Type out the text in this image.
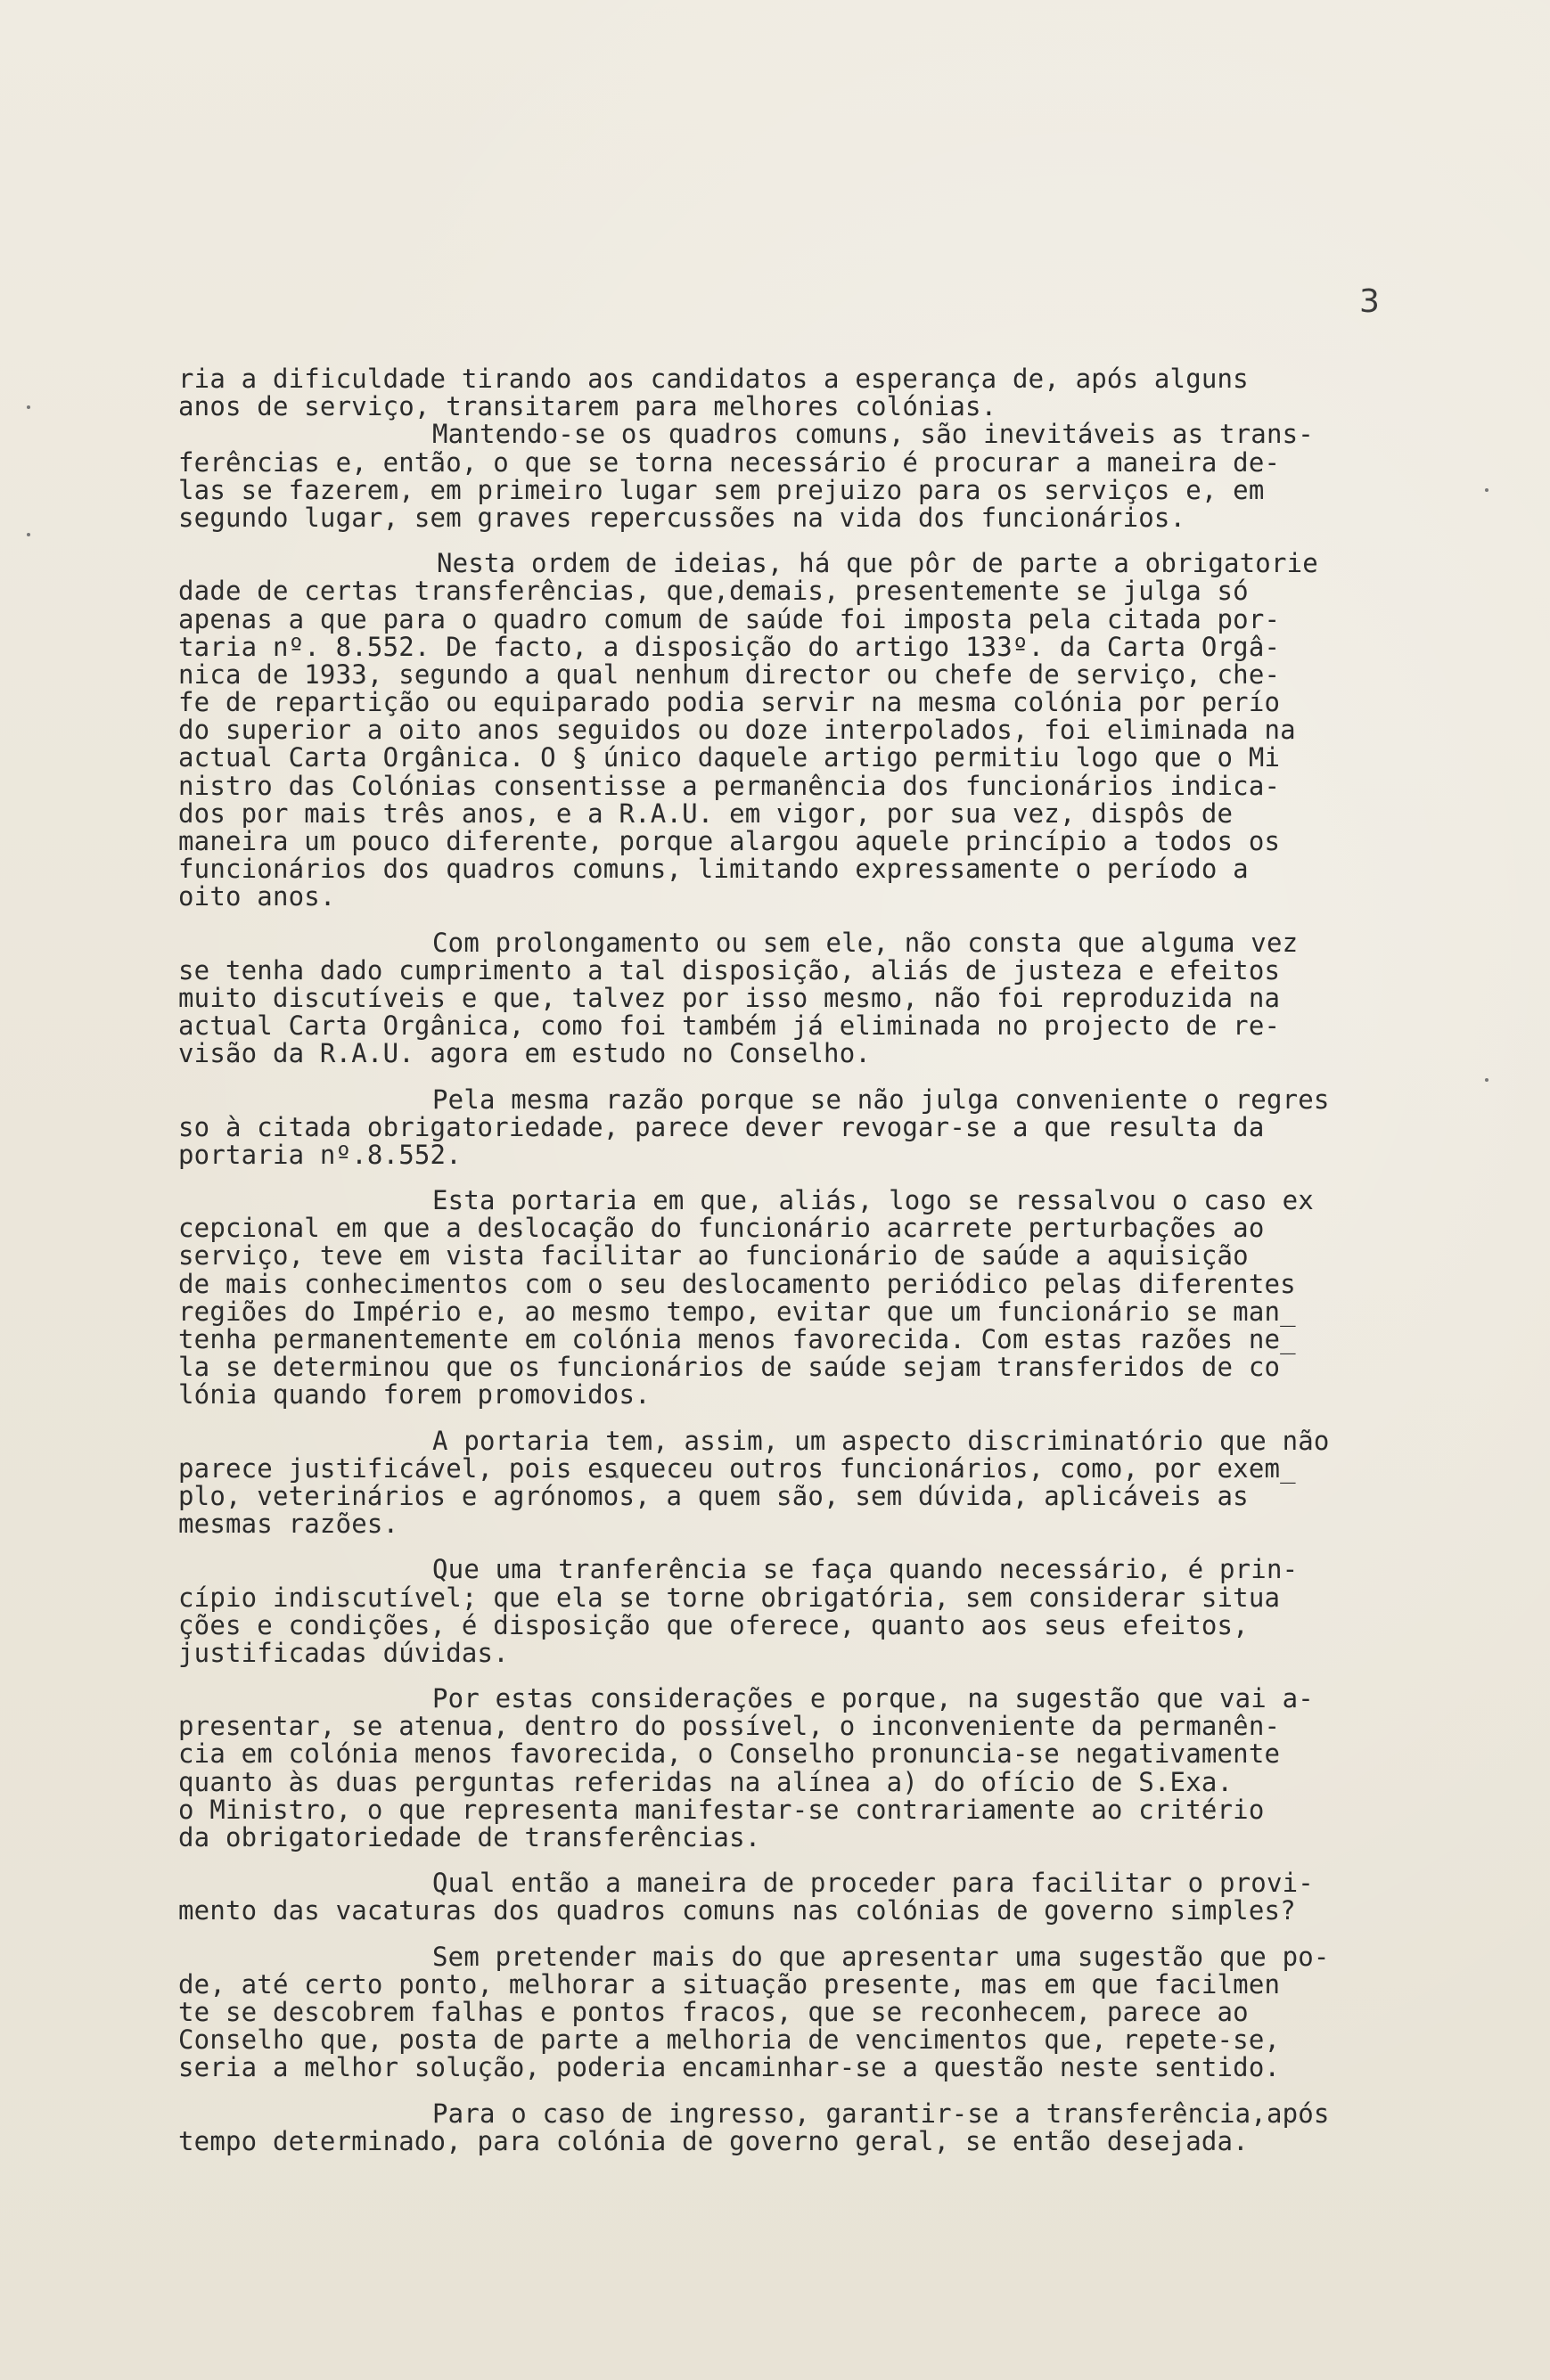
3
ria a dificuldade tirando aos candidatos a esperança de, após alguns
anos de serviço, transitarem para melhores colónias.
Mantendo-se os quadros comuns, são inevitáveis as trans-
ferências e, então, o que se torna necessário é procurar a maneira de-
las se fazerem, em primeiro lugar sem prejuizo para os serviços e, em
segundo lugar, sem graves repercussões na vida dos funcionários.
Nesta ordem de ideias, há que pôr de parte a obrigatorie
dade de certas transferências, que,demais, presentemente se julga só
apenas a que para o quadro comum de saúde foi imposta pela citada por-
taria nº. 8.552. De facto, a disposição do artigo 133º. da Carta Orgâ-
nica de 1933, segundo a qual nenhum director ou chefe de serviço, che-
fe de repartição ou equiparado podia servir na mesma colónia por perío
do superior a oito anos seguidos ou doze interpolados, foi eliminada na
actual Carta Orgânica. O § único daquele artigo permitiu logo que o Mi
nistro das Colónias consentisse a permanência dos funcionários indica-
dos por mais três anos, e a R.A.U. em vigor, por sua vez, dispôs de
maneira um pouco diferente, porque alargou aquele princípio a todos os
funcionários dos quadros comuns, limitando expressamente o período a
oito anos.
Com prolongamento ou sem ele, não consta que alguma vez
se tenha dado cumprimento a tal disposição, aliás de justeza e efeitos
muito discutíveis e que, talvez por isso mesmo, não foi reproduzida na
actual Carta Orgânica, como foi também já eliminada no projecto de re-
visão da R.A.U. agora em estudo no Conselho.
Pela mesma razão porque se não julga conveniente o regres
so à citada obrigatoriedade, parece dever revogar-se a que resulta da
portaria nº.8.552.
Esta portaria em que, aliás, logo se ressalvou o caso ex
cepcional em que a deslocação do funcionário acarrete perturbações ao
serviço, teve em vista facilitar ao funcionário de saúde a aquisição
de mais conhecimentos com o seu deslocamento periódico pelas diferentes
regiões do Império e, ao mesmo tempo, evitar que um funcionário se man_
tenha permanentemente em colónia menos favorecida. Com estas razões ne_
la se determinou que os funcionários de saúde sejam transferidos de co
lónia quando forem promovidos.
A portaria tem, assim, um aspecto discriminatório que não
parece justificável, pois esqueceu outros funcionários, como, por exem_
plo, veterinários e agrónomos, a quem são, sem dúvida, aplicáveis as
mesmas razões.
Que uma tranferência se faça quando necessário, é prin-
cípio indiscutível; que ela se torne obrigatória, sem considerar situa
ções e condições, é disposição que oferece, quanto aos seus efeitos,
justificadas dúvidas.
Por estas considerações e porque, na sugestão que vai a-
presentar, se atenua, dentro do possível, o inconveniente da permanên-
cia em colónia menos favorecida, o Conselho pronuncia-se negativamente
quanto às duas perguntas referidas na alínea a) do ofício de S.Exa.
o Ministro, o que representa manifestar-se contrariamente ao critério
da obrigatoriedade de transferências.
Qual então a maneira de proceder para facilitar o provi-
mento das vacaturas dos quadros comuns nas colónias de governo simples?
Sem pretender mais do que apresentar uma sugestão que po-
de, até certo ponto, melhorar a situação presente, mas em que facilmen
te se descobrem falhas e pontos fracos, que se reconhecem, parece ao
Conselho que, posta de parte a melhoria de vencimentos que, repete-se,
seria a melhor solução, poderia encaminhar-se a questão neste sentido.
Para o caso de ingresso, garantir-se a transferência,após
tempo determinado, para colónia de governo geral, se então desejada.
